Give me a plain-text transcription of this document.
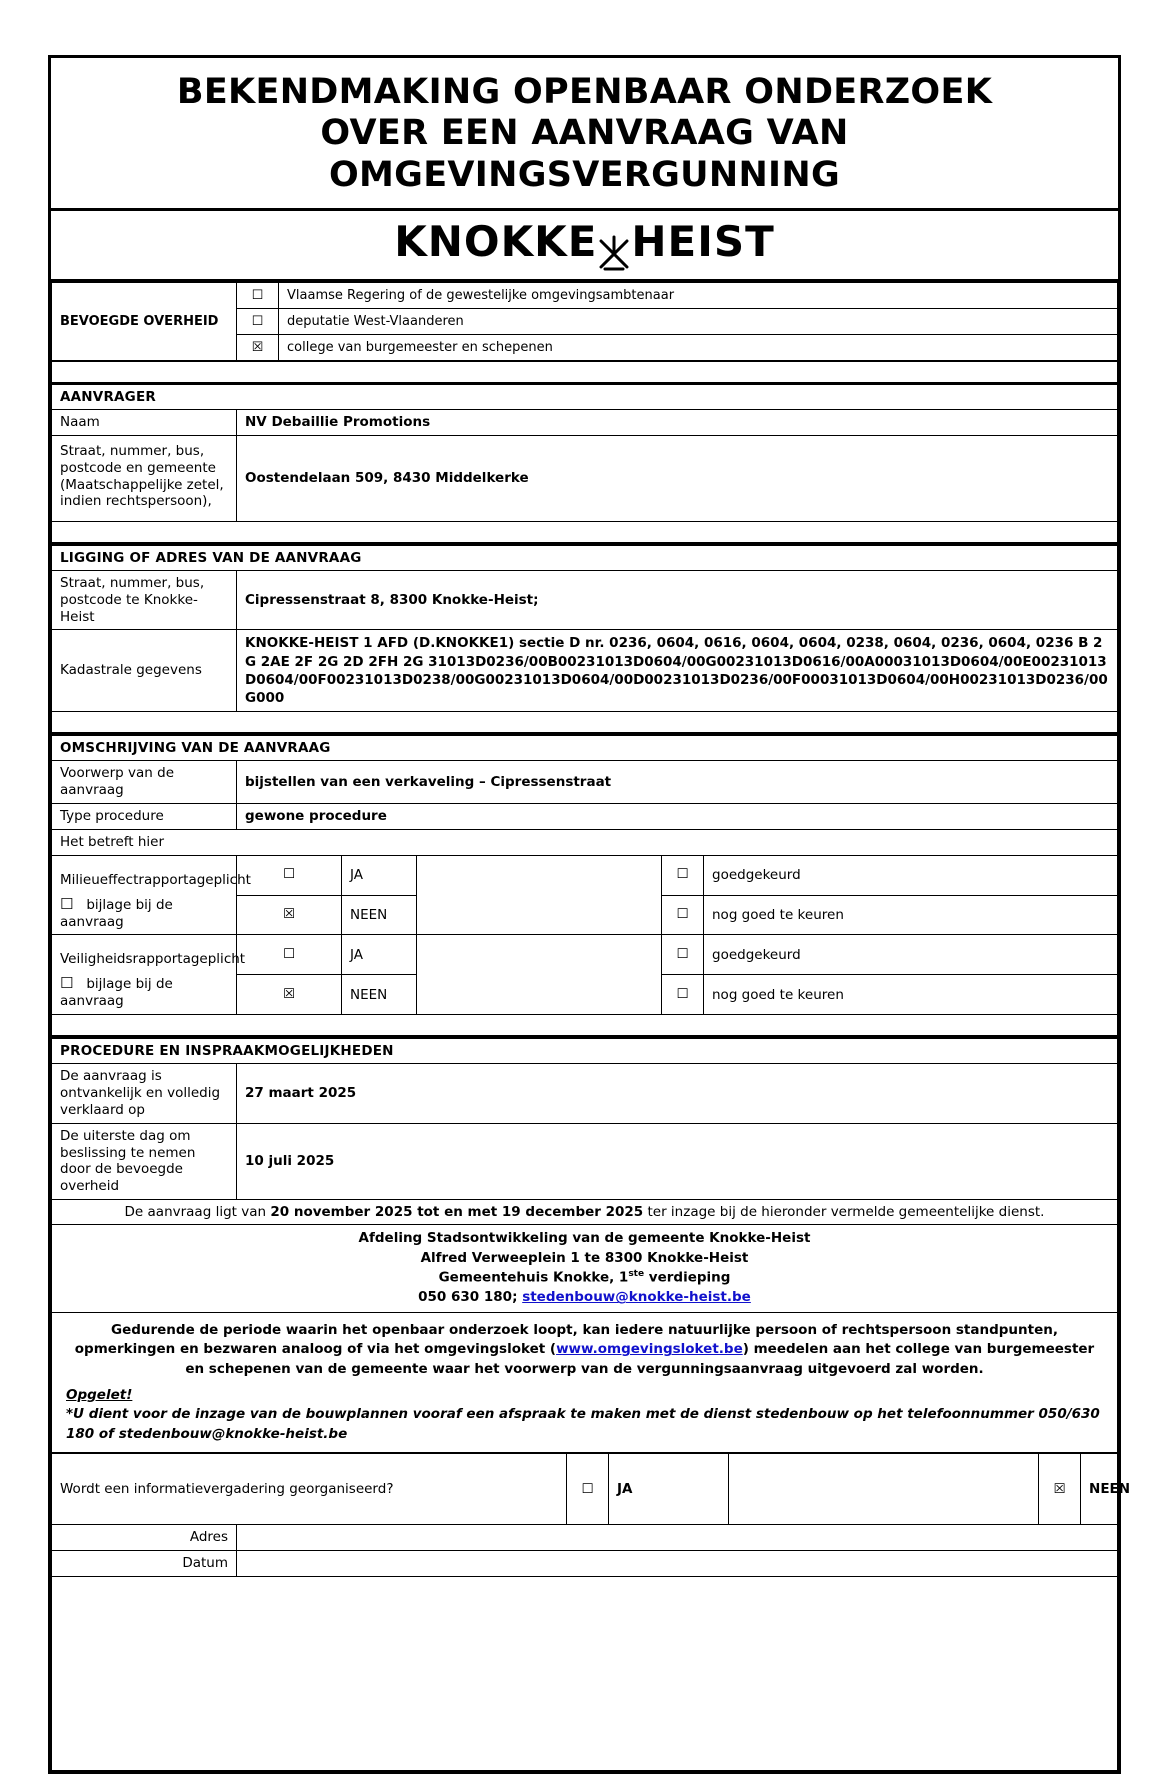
BEKENDMAKING OPENBAAR ONDERZOEK
OVER EEN AANVRAAG VAN
OMGEVINGSVERGUNNING
KNOKKE HEIST
BEVOEGDE OVERHEID	☐	Vlaamse Regering of de gewestelijke omgevingsambtenaar
	☐	deputatie West-Vlaanderen
	☒	college van burgemeester en schepenen

AANVRAGER	
Naam	NV Debaillie Promotions
Straat, nummer, bus, postcode en gemeente (Maatschappelijke zetel, indien rechtspersoon),	Oostendelaan 509, 8430 Middelkerke

LIGGING OF ADRES VAN DE AANVRAAG	
Straat, nummer, bus, postcode te Knokke-Heist	Cipressenstraat 8, 8300 Knokke-Heist;
Kadastrale gegevens	KNOKKE-HEIST 1 AFD (D.KNOKKE1) sectie D nr. 0236, 0604, 0616, 0604, 0604, 0238, 0604, 0236, 0604, 0236 B 2G 2AE 2F 2G 2D 2FH 2G 31013D0236/00B00231013D0604/00G00231013D0616/00A00031013D0604/00E00231013D0604/00F00231013D0238/00G00231013D0604/00D00231013D0236/00F00031013D0604/00H00231013D0236/00G000

OMSCHRIJVING VAN DE AANVRAAG					
Voorwerp van de aanvraag	bijstellen van een verkaveling – Cipressenstraat				
Type procedure	gewone procedure				
Het betreft hier					

Milieueffectrapportageplicht
☐ bijlage bij de aanvraag	☐	JA		☐	goedgekeurd
	☒	NEEN		☐	nog goed te keuren

Veiligheidsrapportageplicht
☐ bijlage bij de aanvraag	☐	JA		☐	goedgekeurd
	☒	NEEN		☐	nog goed te keuren

PROCEDURE EN INSPRAAKMOGELIJKHEDEN	
De aanvraag is ontvankelijk en volledig verklaard op	27 maart 2025
De uiterste dag om beslissing te nemen door de bevoegde overheid	10 juli 2025
De aanvraag ligt van 20 november 2025 tot en met 19 december 2025 ter inzage bij de hieronder vermelde gemeentelijke dienst.	

Afdeling Stadsontwikkeling van de gemeente Knokke-Heist
Alfred Verweeplein 1 te 8300 Knokke-Heist
Gemeentehuis Knokke, 1ste verdieping
050 630 180; stedenbouw@knokke-heist.be	

Gedurende de periode waarin het openbaar onderzoek loopt, kan iedere natuurlijke persoon of rechtspersoon standpunten, opmerkingen en bezwaren analoog of via het omgevingsloket (www.omgevingsloket.be) meedelen aan het college van burgemeester en schepenen van de gemeente waar het voorwerp van de vergunningsaanvraag uitgevoerd zal worden.
Opgelet!
*U dient voor de inzage van de bouwplannen vooraf een afspraak te maken met de dienst stedenbouw op het telefoonnummer 050/630 180 of stedenbouw@knokke-heist.be	
Wordt een informatievergadering georganiseerd?		☐	JA		☒	NEEN
Adres						
Datum						
